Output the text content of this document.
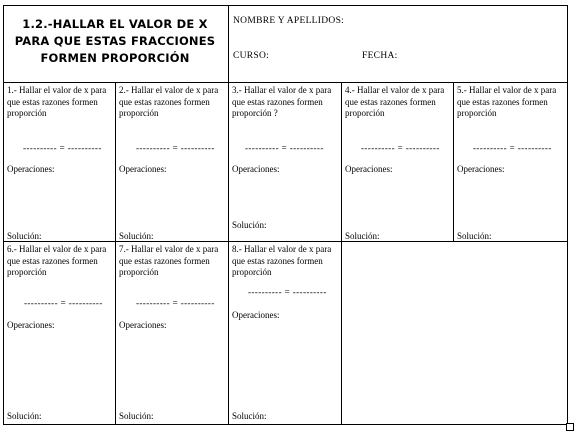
1.2.-HALLAR EL VALOR DE X PARA QUE ESTAS FRACCIONES FORMEN PROPORCIÓN
NOMBRE Y APELLIDOS:
CURSO:	FECHA:
1.- Hallar el valor de x para que estas razones formen proporción
---------- = ----------
Operaciones:
Solución:
2.- Hallar el valor de x para que estas razones formen proporción
---------- = ----------
Operaciones:
Solución:
3.- Hallar el valor de x para que estas razones formen proporción ?
---------- = ----------
Operaciones:
Solución:
4.- Hallar el valor de x para que estas razones formen proporción
---------- = ----------
Operaciones:
Solución:
5.- Hallar el valor de x para que estas razones formen proporción
---------- = ----------
Operaciones:
Solución:
6.- Hallar el valor de x para que estas razones formen proporción
---------- = ----------
Operaciones:
Solución:
7.- Hallar el valor de x para que estas razones formen proporción
---------- = ----------
Operaciones:
Solución:
8.- Hallar el valor de x para que estas razones formen proporción
---------- = ----------
Operaciones:
Solución:
